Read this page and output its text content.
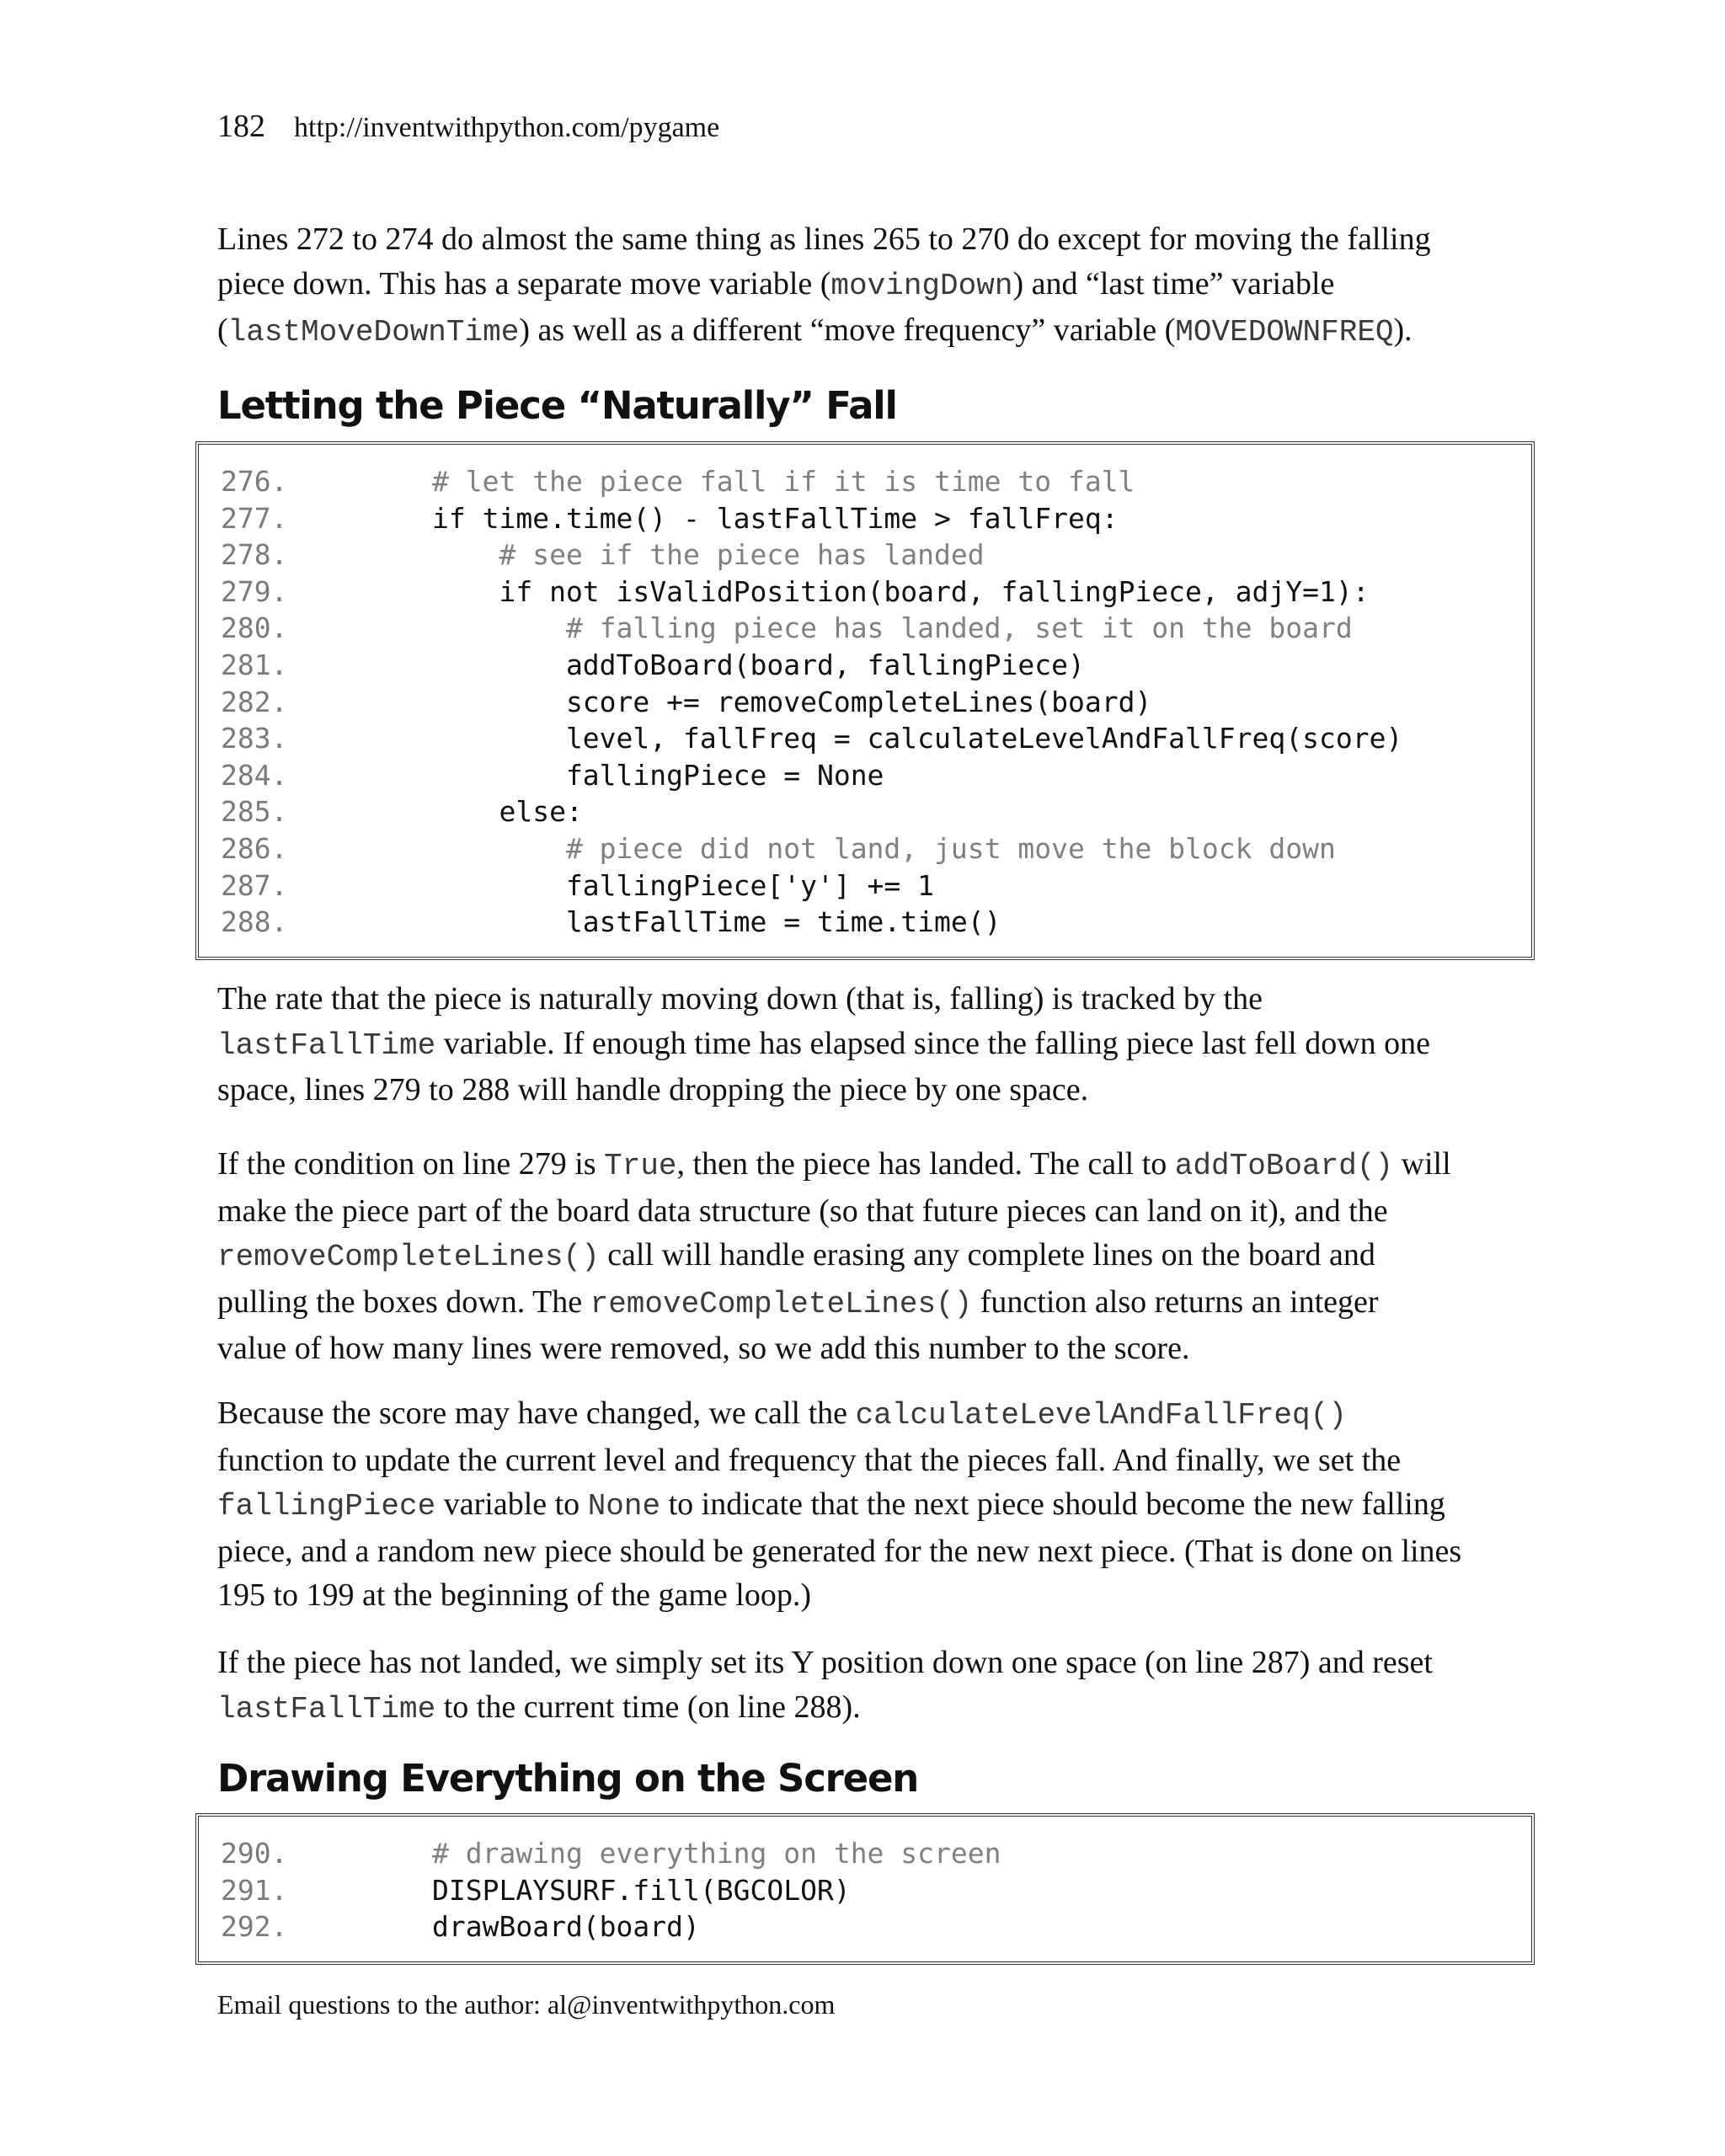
182 http://inventwithpython.com/pygame

Lines 272 to 274 do almost the same thing as lines 265 to 270 do except for moving the falling
piece down. This has a separate move variable (movingDown) and “last time” variable
(lastMoveDownTime) as well as a different “move frequency” variable (MOVEDOWNFREQ).

Letting the Piece “Naturally” Fall
276.	# let the piece fall if it is time to fall
277.	if time.time() - lastFallTime > fallFreq:
278.	# see if the piece has landed
279.	if not isValidPosition(board, fallingPiece, adjY=1):
280.	# falling piece has landed, set it on the board
281.	addToBoard(board, fallingPiece)
282.	score += removeCompleteLines(board)
283.	level, fallFreq = calculateLevelAndFallFreq(score)
284.	fallingPiece = None
285.	else:
286.	# piece did not land, just move the block down
287.	fallingPiece['y'] += 1
288.	lastFallTime = time.time()

The rate that the piece is naturally moving down (that is, falling) is tracked by the
lastFallTime variable. If enough time has elapsed since the falling piece last fell down one
space, lines 279 to 288 will handle dropping the piece by one space.

If the condition on line 279 is True, then the piece has landed. The call to addToBoard() will
make the piece part of the board data structure (so that future pieces can land on it), and the
removeCompleteLines() call will handle erasing any complete lines on the board and
pulling the boxes down. The removeCompleteLines() function also returns an integer
value of how many lines were removed, so we add this number to the score.

Because the score may have changed, we call the calculateLevelAndFallFreq()
function to update the current level and frequency that the pieces fall. And finally, we set the
fallingPiece variable to None to indicate that the next piece should become the new falling
piece, and a random new piece should be generated for the new next piece. (That is done on lines
195 to 199 at the beginning of the game loop.)

If the piece has not landed, we simply set its Y position down one space (on line 287) and reset
lastFallTime to the current time (on line 288).

Drawing Everything on the Screen
290.	# drawing everything on the screen
291.	DISPLAYSURF.fill(BGCOLOR)
292.	drawBoard(board)
Email questions to the author: al@inventwithpython.com
